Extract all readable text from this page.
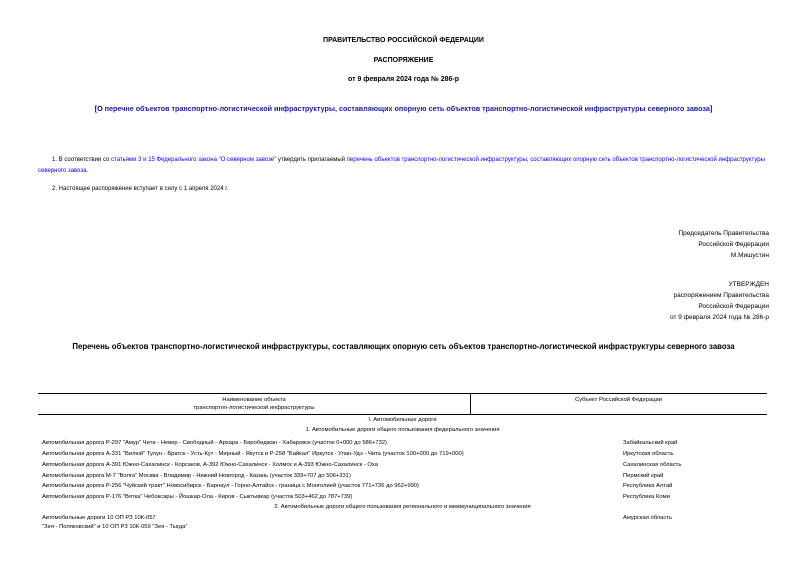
ПРАВИТЕЛЬСТВО РОССИЙСКОЙ ФЕДЕРАЦИИ

РАСПОРЯЖЕНИЕ

от 9 февраля 2024 года № 286-р

[О перечне объектов транспортно-логистической инфраструктуры, составляющих опорную сеть объектов транспортно-логистической инфраструктуры северного завоза]
1. В соответствии со статьями 3 и 15 Федерального закона "О северном завозе" утвердить прилагаемый перечень объектов транспортно-логистической инфраструктуры, составляющих опорную сеть объектов транспортно-логистической инфраструктуры северного завоза.

2. Настоящее распоряжение вступает в силу с 1 апреля 2024 г.

Председатель Правительства
Российской Федерации
М.Мишустин
УТВЕРЖДЕН
распоряжением Правительства
Российской Федерации
от 9 февраля 2024 года № 286-р
Перечень объектов транспортно-логистической инфраструктуры, составляющих опорную сеть объектов транспортно-логистической инфраструктуры северного завоза
Наименование объекта
транспортно-логистической инфраструктуры
Субъект Российской Федерации
I. Автомобильные дороги
1. Автомобильные дороги общего пользования федерального значения
Автомобильная дорога Р-297 "Амур" Чита - Невер - Свободный - Архара - Биробиджан - Хабаровск (участок 0+000 до 586+732)	Забайкальский край
Автомобильная дорога А-331 "Вилюй" Тулун - Братск - Усть-Кут - Мирный - Якутск и Р-258 "Байкал" Иркутск - Улан-Удэ - Чита (участок 100+000 до 719+000)	Иркутская область
Автомобильная дорога А-391 Южно-Сахалинск - Корсаков, А-392 Южно-Сахалинск - Холмск и А-393 Южно-Сахалинск - Оха	Сахалинская область
Автомобильная дорога М-7 "Волга" Москва - Владимир - Нижний Новгород - Казань (участок 339+707 до 506+331)	Пермский край
Автомобильная дорога Р-256 "Чуйский тракт" Новосибирск - Барнаул - Горно-Алтайск - граница с Монголией (участок 771+736 до 962+990)	Республика Алтай
Автомобильная дорога Р-176 "Вятка" Чебоксары - Йошкар-Ола - Киров - Сыктывкар (участок 503+462 до 787+739)	Республика Коми
2. Автомобильные дороги общего пользования регионального и межмуниципального значения
Автомобильные дороги 10 ОП РЗ 10К-057	Амурская область
"Зея - Поляковский" и 10 ОП РЗ 10К-059 "Зея - Тыгда"
